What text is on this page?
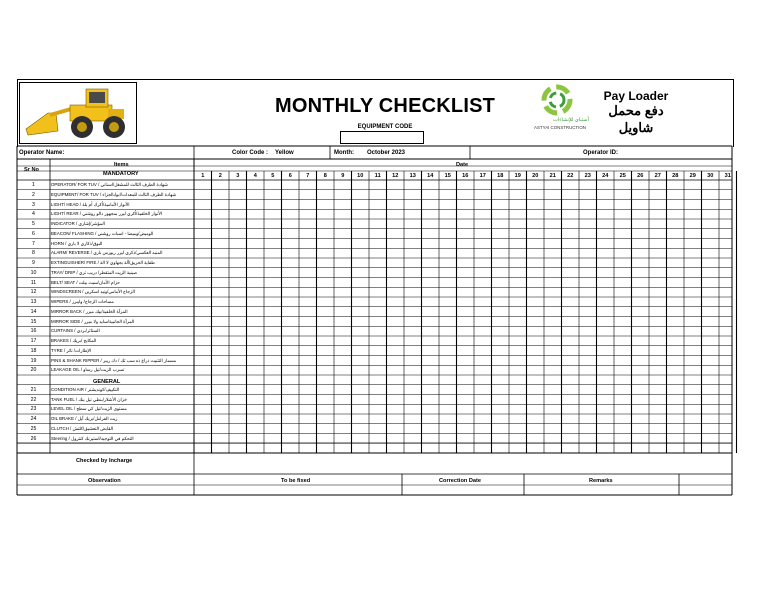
MONTHLY CHECKLIST
EQUIPMENT CODE
أستياي للإنشاءات
ASTYAI CONSTRUCTION
Pay Loader
دفع محمل
شاويل
Operator Name:	Color Code : Yellow	Month: October 2023	Operator ID:
Items
Sr No
Date
MANDATORY
GENERAL
1	2	3	4	5	6	7	8	9	10	11	12	13	14	15	16	17	18	19	20	21	22	23	24	25	26	27	28	29	30	31
1	OPERATOR/ FOR TUV / شهادة الطرف الثالث للمشغل/اسناني
2	EQUIPMENT/ FOR TUV / شهادة الطرف الثالث للمعدات/ابوابالجزاء
3	LIGHT/ HEAD / الأنوار الأمامية/أكرك أم بلة
4	LIGHT/ REAR / الأنوار الخلفية/أكري ليرر بمجهور دالو روشني
5	INDICATOR / المؤشر/إشاري
6	BEACON/ FLASHING / الوميض/وميضا - اسبات روشني
7	HORN / البوق/ذكاري لا باري
8	ALARM/ REVERSE / المنبه العكسي/ذكري ليرر ريورس باري
9	EXTINGUISHER/ FIRE / طفاية الحريق/آلة بجهاوي لا الة
10	TRAY/ DRIP / صينية الزيت المتقطر/ دريب تري
11	BELT/ SEAT / حزام الأمان/سيت بيلت
12	WINDSCREEN / الزجاج الأمامي/ونيد اسكرين
13	WIPERS / مساحات الزجاج/ وايبرز
14	MIRROR BACK / المرآة الخلفية/بيك ميرر
15	MIRROR SIDE / المرآة الجانبية/سايد ولا ميرر
16	CURTAINS / الستائر/بردي
17	BRAKES / المكابح /بريك
18	TYRE / الإطارات/ تائر
19	PINS & SHANK RIPPER / مسمار التثبيت ذراع ذه سب ثك / دك ريبر
20	LEAKAGE OIL / تسرب الزيت/تيل رساو
21	CONDITION AIR / التكييف/كونديشنر
22	TANK FUEL / خزان الأشلار/بنطي تيل ينك
23	LEVEL OIL / مستوى الزيت/تيل كي سطح
24	OIL BRAKE / زيت الفرامل/بريك آيل
25	CLUTCH / القابض التعشيق/كلتش
26	Steering / التحكم في التوجيه/استيرنك كنترول
Checked by Incharge
Observation	To be fixed	Correction Date	Remarks
